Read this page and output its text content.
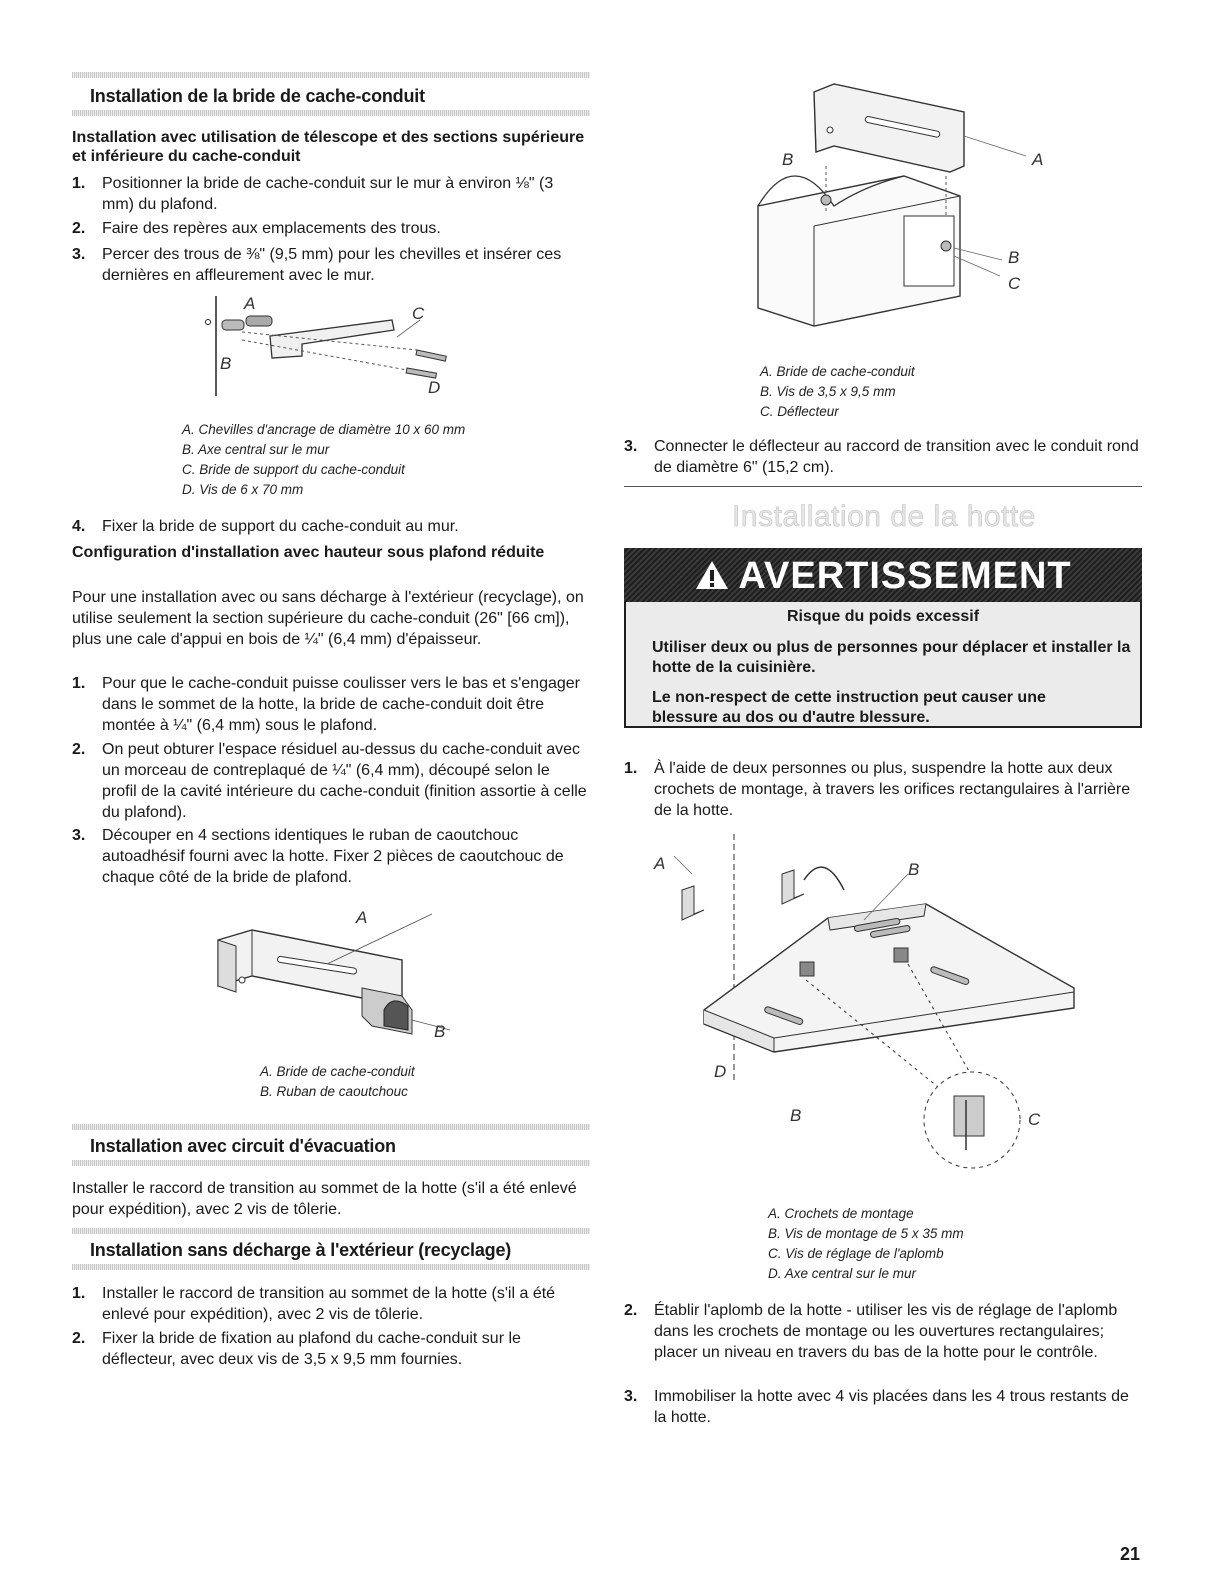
Installation de la bride de cache-conduit
Installation avec utilisation de télescope et des sections supérieure et inférieure du cache-conduit
1. Positionner la bride de cache-conduit sur le mur à environ ⅛" (3 mm) du plafond.
2. Faire des repères aux emplacements des trous.
3. Percer des trous de ⅜" (9,5 mm) pour les chevilles et insérer ces dernières en affleurement avec le mur.
A
B
C
D
A. Chevilles d'ancrage de diamètre 10 x 60 mm
B. Axe central sur le mur
C. Bride de support du cache-conduit
D. Vis de 6 x 70 mm
4. Fixer la bride de support du cache-conduit au mur.
Configuration d'installation avec hauteur sous plafond réduite
Pour une installation avec ou sans décharge à l'extérieur (recyclage), on utilise seulement la section supérieure du cache-conduit (26" [66 cm]), plus une cale d'appui en bois de ¼" (6,4 mm) d'épaisseur.
1. Pour que le cache-conduit puisse coulisser vers le bas et s'engager dans le sommet de la hotte, la bride de cache-conduit doit être montée à ¼" (6,4 mm) sous le plafond.
2. On peut obturer l'espace résiduel au-dessus du cache-conduit avec un morceau de contreplaqué de ¼" (6,4 mm), découpé selon le profil de la cavité intérieure du cache-conduit (finition assortie à celle du plafond).
3. Découper en 4 sections identiques le ruban de caoutchouc autoadhésif fourni avec la hotte. Fixer 2 pièces de caoutchouc de chaque côté de la bride de plafond.
A
B
A. Bride de cache-conduit
B. Ruban de caoutchouc
Installation avec circuit d'évacuation
Installer le raccord de transition au sommet de la hotte (s'il a été enlevé pour expédition), avec 2 vis de tôlerie.
Installation sans décharge à l'extérieur (recyclage)
1. Installer le raccord de transition au sommet de la hotte (s'il a été enlevé pour expédition), avec 2 vis de tôlerie.
2. Fixer la bride de fixation au plafond du cache-conduit sur le déflecteur, avec deux vis de 3,5 x 9,5 mm fournies.
B	A
B
C
A. Bride de cache-conduit
B. Vis de 3,5 x 9,5 mm
C. Déflecteur
3. Connecter le déflecteur au raccord de transition avec le conduit rond de diamètre 6" (15,2 cm).
Installation de la hotte
AVERTISSEMENT
Risque du poids excessif
Utiliser deux ou plus de personnes pour déplacer et installer la hotte de la cuisinière.
Le non-respect de cette instruction peut causer une blessure au dos ou d'autre blessure.
1. À l'aide de deux personnes ou plus, suspendre la hotte aux deux crochets de montage, à travers les orifices rectangulaires à l'arrière de la hotte.
A	B
D
B	C
A. Crochets de montage
B. Vis de montage de 5 x 35 mm
C. Vis de réglage de l'aplomb
D. Axe central sur le mur
2. Établir l'aplomb de la hotte - utiliser les vis de réglage de l'aplomb dans les crochets de montage ou les ouvertures rectangulaires; placer un niveau en travers du bas de la hotte pour le contrôle.
3. Immobiliser la hotte avec 4 vis placées dans les 4 trous restants de la hotte.
21
